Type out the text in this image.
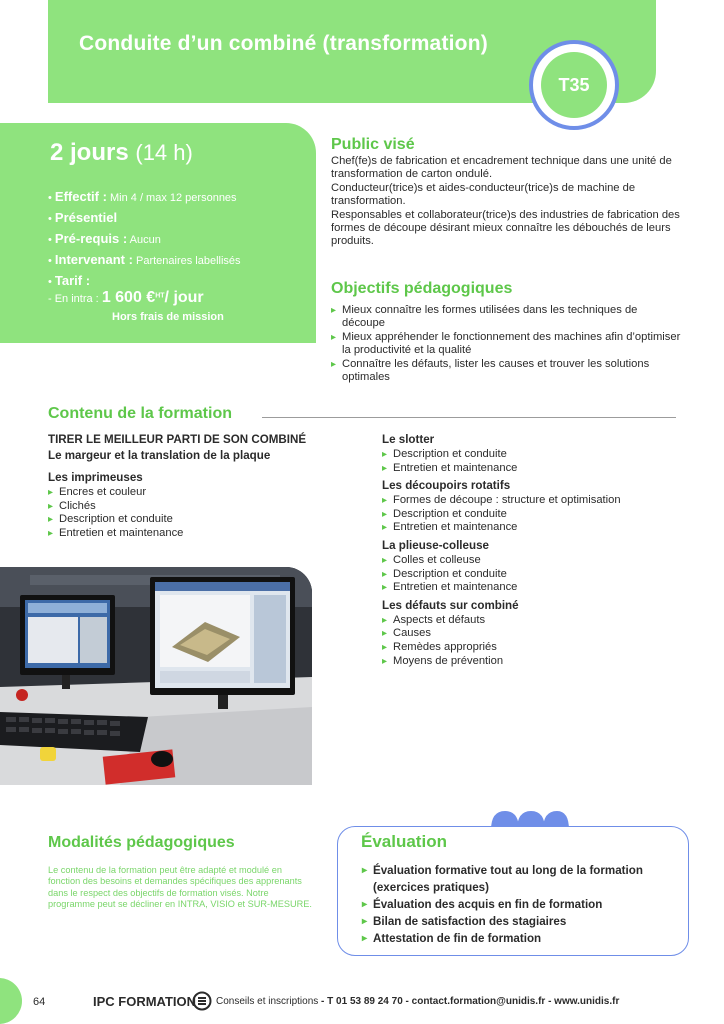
Conduite d’un combiné (transformation)
T35
2 jours (14 h)
• Effectif : Min 4 / max 12 personnes
• Présentiel
• Pré-requis : Aucun
• Intervenant : Partenaires labellisés
• Tarif :
- En intra : 1 600 €$^{HT}$/ jour
Hors frais de mission
Public visé

Chef(fe)s de fabrication et encadrement technique dans une unité de transformation de carton ondulé.

Conducteur(trice)s et aides-conducteur(trice)s de machine de transformation.

Responsables et collaborateur(trice)s des industries de fabrication des formes de découpe désirant mieux connaître les débouchés de leurs produits.

Objectifs pédagogiques
▸ Mieux connaître les formes utilisées dans les techniques de découpe
▸ Mieux appréhender le fonctionnement des machines afin d’optimiser la productivité et la qualité
▸ Connaître les défauts, lister les causes et trouver les solutions optimales
Contenu de la formation
TIRER LE MEILLEUR PARTI DE SON COMBINÉ
Le margeur et la translation de la plaque
Les imprimeuses
▸ Encres et couleur
▸ Clichés
▸ Description et conduite
▸ Entretien et maintenance
Le slotter
▸ Description et conduite
▸ Entretien et maintenance
Les découpoirs rotatifs
▸ Formes de découpe : structure et optimisation
▸ Description et conduite
▸ Entretien et maintenance
La plieuse-colleuse
▸ Colles et colleuse
▸ Description et conduite
▸ Entretien et maintenance
Les défauts sur combiné
▸ Aspects et défauts
▸ Causes
▸ Remèdes appropriés
▸ Moyens de prévention
Modalités pédagogiques
Le contenu de la formation peut être adapté et modulé en fonction des besoins et demandes spécifiques des apprenants dans le respect des objectifs de formation visés. Notre programme peut se décliner en INTRA, VISIO et SUR-MESURE.
Évaluation
▸ Évaluation formative tout au long de la formation (exercices pratiques)
▸ Évaluation des acquis en fin de formation
▸ Bilan de satisfaction des stagiaires
▸ Attestation de fin de formation
64	IPC FORMATION Conseils et inscriptions - T 01 53 89 24 70 - contact.formation@unidis.fr - www.unidis.fr
